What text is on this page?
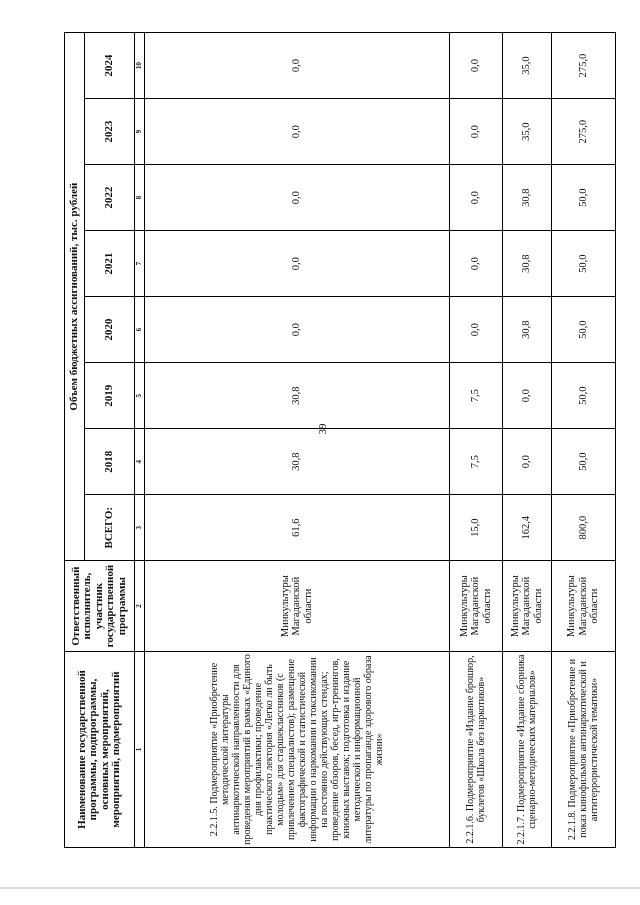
39
Наименование государственной программы, подпрограммы, основных мероприятий, мероприятий, подмероприятий	Ответственный исполнитель, участник государственной программы	Объем бюджетных ассигнований, тыс. рублей							
		ВСЕГО:	2018	2019	2020	2021	2022	2023	2024
1	2	3	4	5	6	7	8	9	10
2.2.1.5. Подмероприятие «Приобретение методической литературы антинаркотической направленности для проведения мероприятий в рамках «Единого дня профилактики; проведение практического лектория «Легко ли быть молодым» для старшеклассников (с привлечением специалистов); размещение фактографической и статистической информации о наркомании и токсикомании на постоянно действующих стендах; проведение обзоров, бесед, игр-тренингов, книжных выставок; подготовка и издание методической и информационной литературы по пропаганде здорового образа жизни»	Минкультуры Магаданской области	61,6	30,8	30,8	0,0	0,0	0,0	0,0	0,0
2.2.1.6. Подмероприятие «Издание брошюр, буклетов «Школа без наркотиков»	Минкультуры Магаданской области	15,0	7,5	7,5	0,0	0,0	0,0	0,0	0,0
2.2.1.7. Подмероприятие «Издание сборника сценарно-методических материалов»	Минкультуры Магаданской области	162,4	0,0	0,0	30,8	30,8	30,8	35,0	35,0
2.2.1.8. Подмероприятие «Приобретение и показ кинофильмов антинаркотической и антитеррористической тематики»	Минкультуры Магаданской области	800,0	50,0	50,0	50,0	50,0	50,0	275,0	275,0
